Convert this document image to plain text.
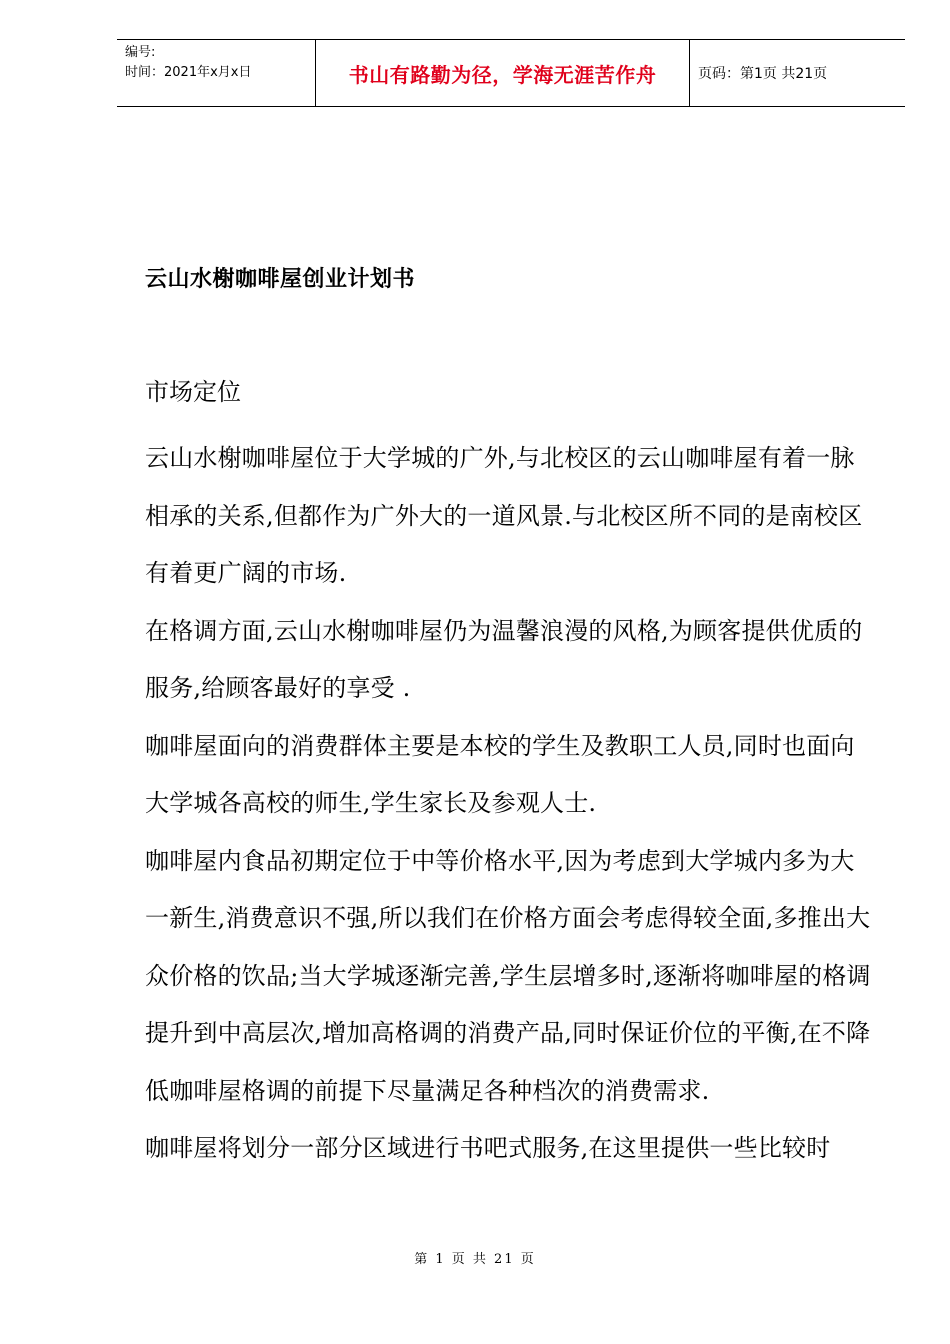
编号:
时间：2021年x月x日	书山有路勤为径，学海无涯苦作舟	页码：第1页 共21页
云山水榭咖啡屋创业计划书
市场定位

云山水榭咖啡屋位于大学城的广外,与北校区的云山咖啡屋有着一脉相承的关系,但都作为广外大的一道风景.与北校区所不同的是南校区有着更广阔的市场.

在格调方面,云山水榭咖啡屋仍为温馨浪漫的风格,为顾客提供优质的服务,给顾客最好的享受 .

咖啡屋面向的消费群体主要是本校的学生及教职工人员,同时也面向大学城各高校的师生,学生家长及参观人士.

咖啡屋内食品初期定位于中等价格水平,因为考虑到大学城内多为大一新生,消费意识不强,所以我们在价格方面会考虑得较全面,多推出大众价格的饮品;当大学城逐渐完善,学生层增多时,逐渐将咖啡屋的格调提升到中高层次,增加高格调的消费产品,同时保证价位的平衡,在不降低咖啡屋格调的前提下尽量满足各种档次的消费需求.

咖啡屋将划分一部分区域进行书吧式服务,在这里提供一些比较时

第 1 页 共 21 页
